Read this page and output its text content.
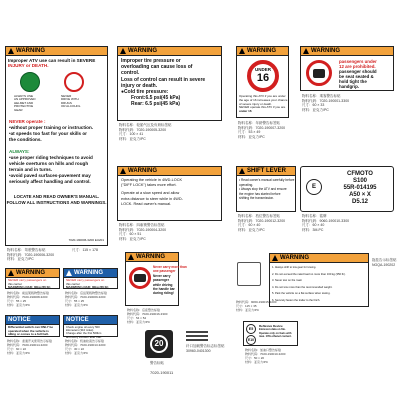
WARNING
Improper ATV use can result in SEVERE
INJURY or DEATH.
ALWAYS USE
AN APPROVED
HELMET AND
PROTECTIVE
GEAR
NEVER
DRIVE WITH
DRUGS
OR ALCOHOL
NEVER operate :
•without proper training or instruction.
•at speeds too fast for your skills or
the conditions.
ALWAYS:
•use proper riding techniques to avoid
vehicle overturns on hills and rough
terrain and in turns.
•avoid paved surfaces-pavement may
seriously affect handling and control.
LOCATE AND READ OWNER'S MANUAL.
FOLLOW ALL INSTRUCTIONS AND WARNINGS.
7020-190006-3200 EU201
物料名称：驾驶警告标贴
物料代码：7020-190006-3200
材料：亚克力/PC
尺寸：115 × 178
WARNING
Improper tire pressure or
overloading can cause loss of
control.
Loss of control can result in severe
injury or death.
●Cold tire pressure:
Front:6.5 psi(45 kPa)
Rear: 6.5 psi(45 kPa)
物料名称：轮胎气压及负荷标签贴
物料代码：7020-190005-3200
尺寸：100 × 41
材料：亚克力/PC
WARNING
UNDER
16
Operating this ATV if you are under
the age of 16 increases your chance
of severe injury or death.
NEVER operate this ATV if you are
under 16
物料名称：年龄警告标签贴
物料代码：7020-190007-3200
尺寸：53 × 49
材料：亚克力/PC
WARNING
passengers under
12 are prohibited.
passenger should
be seat seated &
hold tight the
handgrip.
物料名称：乘客警告标贴
物料代码：7020-190001-3300
尺寸：60 × 33
材料：亚克力/PC
WARNING
Operating the vehicle in 4WD-LOCK
("DIFF LOCK") takes more effort.
Operate at a slow speed and allow
extra distance to steer while in 4WD-
LOCK. Read owner's manual.
物料名称：四驱锁警告标签贴
物料代码：7020-190004-3200
尺寸：60 × 51
材料：亚克力/PC
SHIFT LEVER
• Read owner's manual carefully before
operating.
• Always stop the ATV and ensure
the engine has started before
shifting the transmission.
物料名称：档位警告标签贴
物料代码：7020-190012-3200
尺寸：60 × 40
材料：亚克力/PC
E
CFMOTO
S100
55R-014195
A50 × X
D5.12
物料名称：铭牌
物料代码：9060-190010-3300
尺寸：60 × 40
材料：3M-PC
WARNING
NEVER carry passengers on
this carrier
MAXIMUM LOAD: 30kg (66 lb)
物料名称：前货架载物警告标贴
物料代码：7020-190008-3200
尺寸：55 × 25
材料：亚克力/PC
WARNING
NEVER carry passengers on
this carrier
MAXIMUM LOAD: 30kg (66 lb)
物料名称：后货架载物警告标贴
物料代码：7020-190009-3200
尺寸：55 × 25
材料：亚克力/PC
WARNING
Never carry more than
one passenger
Never carry
passenger
while driving
the handle bar
during riding!
物料名称：后座警告标贴
物料代码：7020-190016-3300
尺寸：54 × 54
材料：亚克力/PC
NOTICE
Differential switch can ONLY be
operated when the vehicle is
idling or comes to a full halt.
物料名称：差速开关使用告示标贴
物料代码：7020-190014-3200
尺寸：60 × 22
材料：亚克力/PC
NOTICE
Check engine oil every 500
kilometers (310 miles)
Change after the first 500km
and every 2000km after that.
物料名称：机油检查告示标贴
物料代码：7020-190013-3200
尺寸：30 × 22
材料：亚克力/PC
20
警告标贴
7020-190011
纤口加载警告标志标签贴
30960-0401300
WARNING
1. Always shift to low gear for towing.
2. Do not exceed the rated load no more than 160 kg (350 lb).
3. Never tow on the road.
4. Do not tow more than the recommended weight.
5. Park the vehicle on a flat surface when towing.
6. Securely fasten the trailer to the hitch.
拖挂告示标签贴
NGQA-190202
物料代码：9060-190015-3200
尺寸：115 × 35
材料：亚克力/PC
E5
E10
Reflexive Device
Emission data on file.
Operate only on fuels with
max. 10% ethanol content.
物料名称：加油口警告标贴
物料代码：7020-190010-3200
尺寸：50 × 20
材料：亚克力/PC
